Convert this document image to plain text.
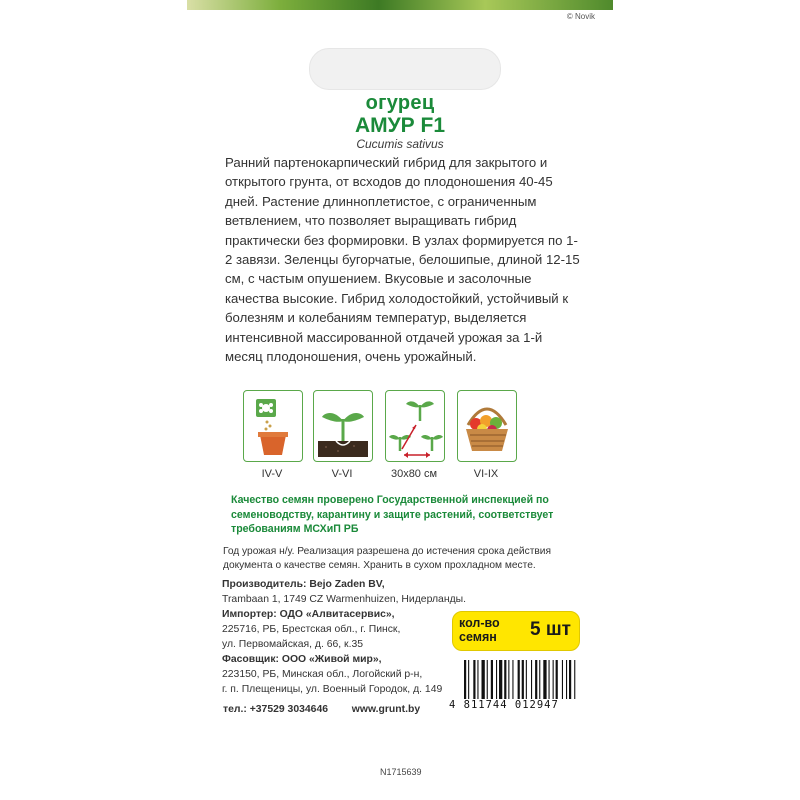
© Novik
огурец
АМУР F1
Cucumis sativus
Ранний партенокарпический гибрид для закрытого и открытого грунта, от всходов до плодоношения 40-45 дней. Растение длинноплетистое, с ограниченным ветвлением, что позволяет выращивать гибрид практически без формировки. В узлах формируется по 1-2 завязи. Зеленцы бугорчатые, белошипые, длиной 12-15 см, с частым опушением. Вкусовые и засолочные качества высокие. Гибрид холодостойкий, устойчивый к болезням и колебаниям температур, выделяется интенсивной массированной отдачей урожая за 1-й месяц плодоношения, очень урожайный.
IV-V	V-VI	30x80 см	VI-IX
Качество семян проверено Государственной инспекцией по семеноводству, карантину и защите растений, соответствует требованиям МСХиП РБ
Год урожая н/у. Реализация разрешена до истечения срока действия документа о качестве семян. Хранить в сухом прохладном месте.
Производитель: Bejo Zaden BV,
Trambaan 1, 1749 CZ Warmenhuizen, Нидерланды.
Импортер: ОДО «Алвитасервис»,
225716, РБ, Брестская обл., г. Пинск,
ул. Первомайская, д. 66, к.35
Фасовщик: ООО «Живой мир»,
223150, РБ, Минская обл., Логойский р-н,
г. п. Плещеницы, ул. Военный Городок, д. 149
кол-во
семян	5 шт
4 811744 012947
тел.: +37529 3034646 www.grunt.by
N1715639
